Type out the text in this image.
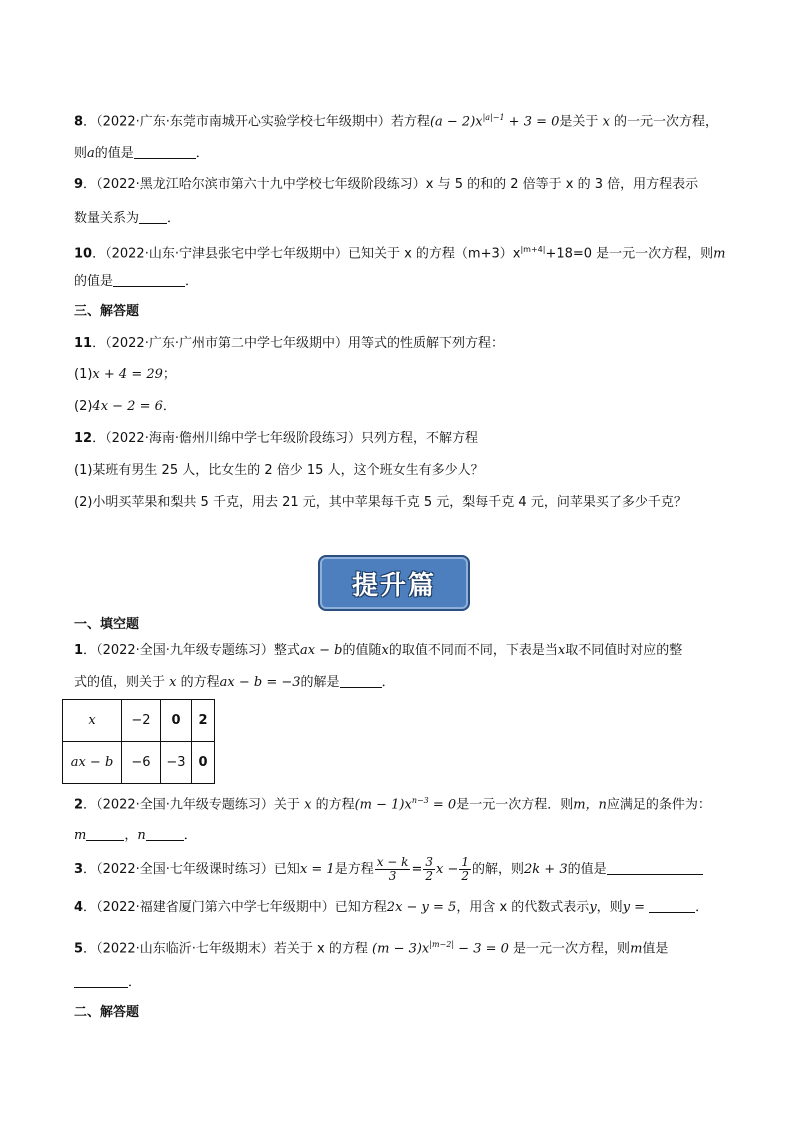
8．（2022·广东·东莞市南城开心实验学校七年级期中）若方程$(a - 2)x^{|a|-1} + 3 = 0$是关于 x 的一元一次方程，
则a的值是	．
9．（2022·黑龙江哈尔滨市第六十九中学校七年级阶段练习）x 与 5 的和的 2 倍等于 x 的 3 倍，用方程表示
数量关系为 ．
10．（2022·山东·宁津县张宅中学七年级期中）已知关于 x 的方程$(m+3)x^{|m+4|}+18=0$ 是一元一次方程，则m
的值是	．
三、解答题
11．（2022·广东·广州市第二中学七年级期中）用等式的性质解下列方程：
(1)x + 4 = 29；
(2)4x − 2 = 6．
12．（2022·海南·儋州川绵中学七年级阶段练习）只列方程，不解方程
(1)某班有男生 25 人，比女生的 2 倍少 15 人，这个班女生有多少人？
(2)小明买苹果和梨共 5 千克，用去 21 元，其中苹果每千克 5 元，梨每千克 4 元，问苹果买了多少千克？
提升篇
一、填空题
1．（2022·全国·九年级专题练习）整式ax − b的值随x的取值不同而不同，下表是当x取不同值时对应的整
式的值，则关于 x 的方程ax − b = −3的解是	．
x	−2	0	2
ax − b	−6	−3	0
2．（2022·全国·九年级专题练习）关于 x 的方程$(m - 1)x^{n-3} = 0$是一元一次方程．则m，n应满足的条件为：
m	，n	．
3．（2022·全国·七年级课时练习）已知x = 1是方程 $\frac{x - k}{3} = \frac{3}{2}$ $x - \frac{1}{2}$ 的解，则2k + 3的值是
4．（2022·福建省厦门第六中学七年级期中）已知方程2x − y = 5，用含 x 的代数式表示y，则y =	．
5．（2022·山东临沂·七年级期末）若关于 x 的方程 $(m - 3)x^{|m-2|} - 3 = 0$ 是一元一次方程，则m值是
．
二、解答题
